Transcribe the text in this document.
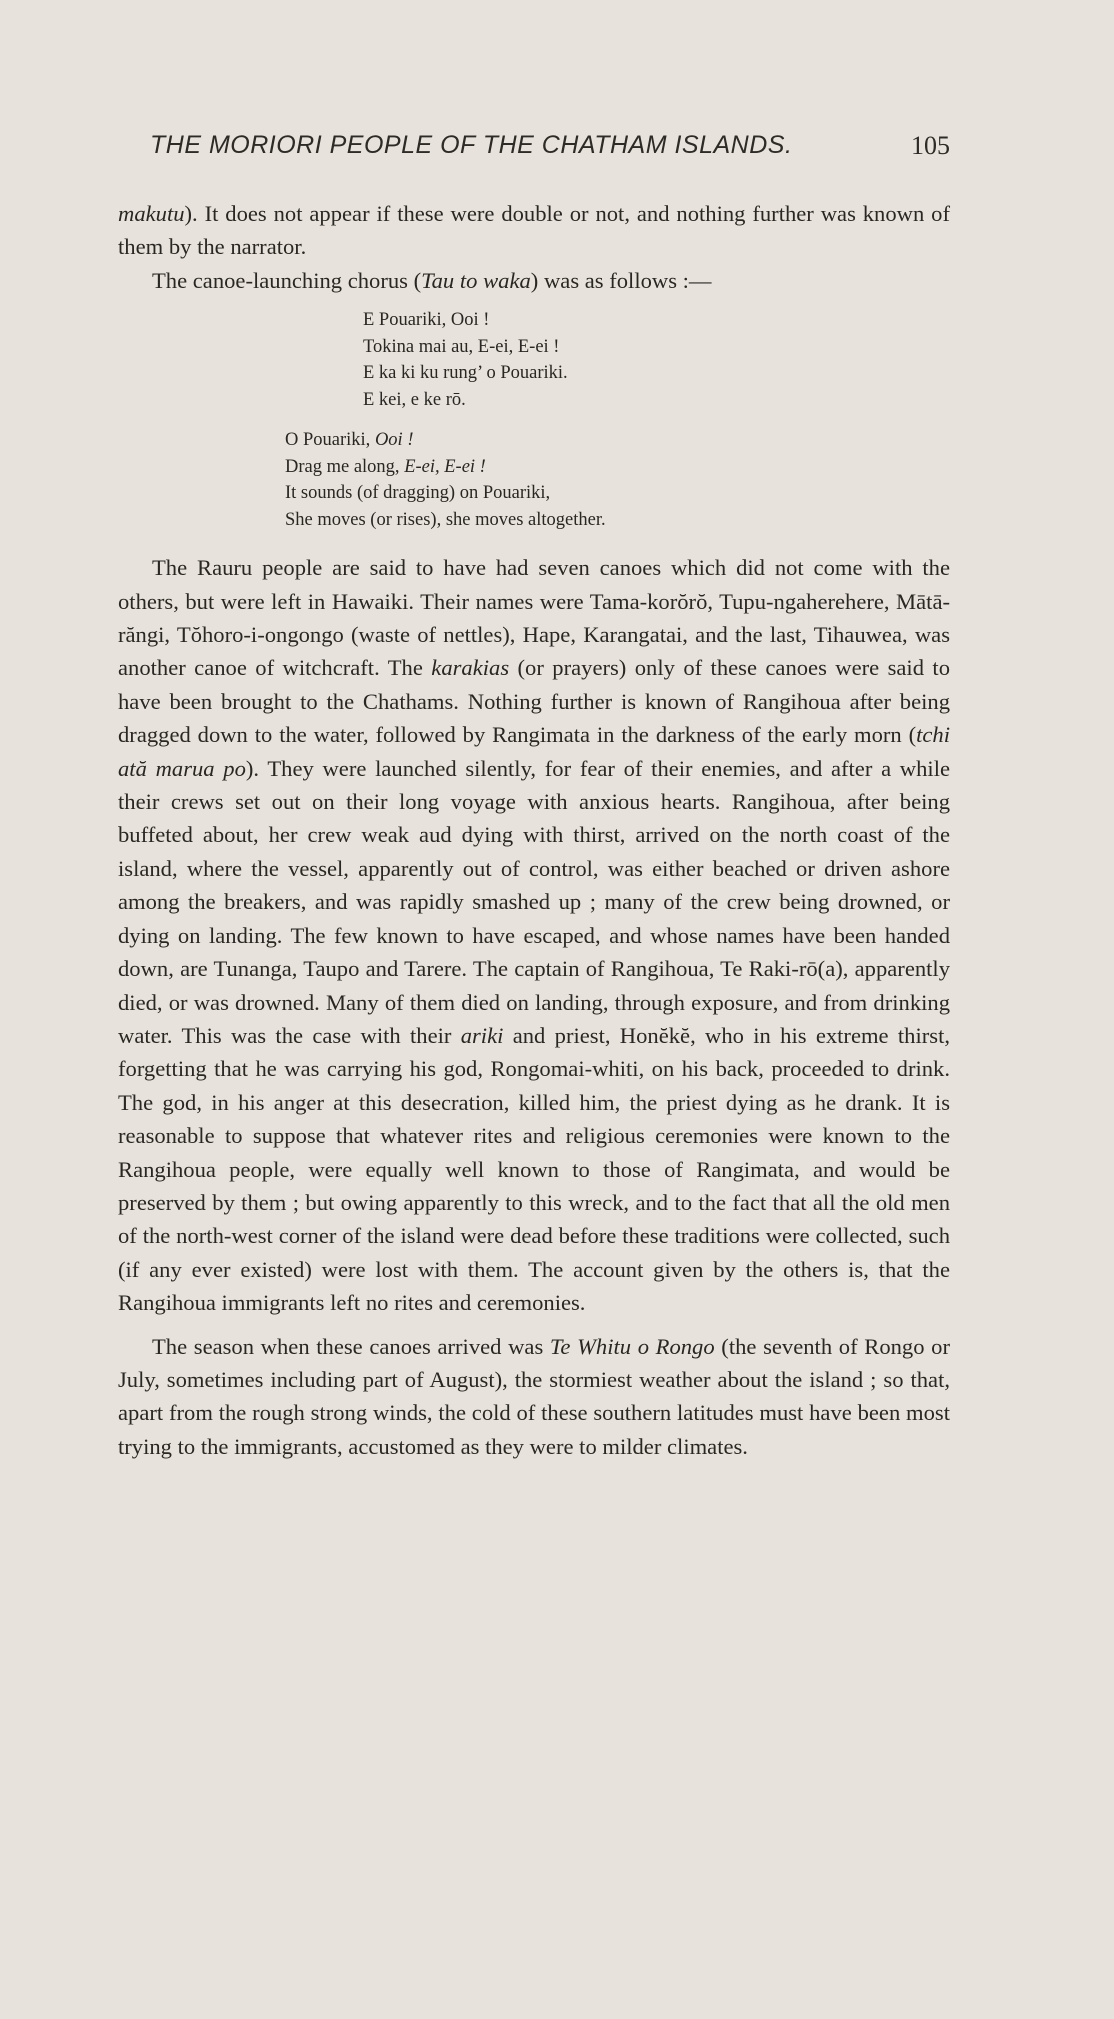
THE MORIORI PEOPLE OF THE CHATHAM ISLANDS.	105

makutu). It does not appear if these were double or not, and nothing further was known of them by the narrator.

The canoe-launching chorus (Tau to waka) was as follows :—

E Pouariki, Ooi !
Tokina mai au, E-ei, E-ei !
E ka ki ku rung’ o Pouariki.
E kei, e ke rō.
O Pouariki, Ooi !
Drag me along, E-ei, E-ei !
It sounds (of dragging) on Pouariki,
She moves (or rises), she moves altogether.

The Rauru people are said to have had seven canoes which did not come with the others, but were left in Hawaiki. Their names were Tama-korŏrŏ, Tupu-ngaherehere, Mātā-răngi, Tŏhoro-i-ongongo (waste of nettles), Hape, Karangatai, and the last, Tihauwea, was another canoe of witchcraft. The karakias (or prayers) only of these canoes were said to have been brought to the Chathams. Nothing further is known of Rangihoua after being dragged down to the water, followed by Rangimata in the darkness of the early morn (tchi ată marua po). They were launched silently, for fear of their enemies, and after a while their crews set out on their long voyage with anxious hearts. Rangihoua, after being buffeted about, her crew weak aud dying with thirst, arrived on the north coast of the island, where the vessel, apparently out of control, was either beached or driven ashore among the breakers, and was rapidly smashed up ; many of the crew being drowned, or dying on landing. The few known to have escaped, and whose names have been handed down, are Tunanga, Taupo and Tarere. The captain of Rangihoua, Te Raki-rō(a), apparently died, or was drowned. Many of them died on landing, through exposure, and from drinking water. This was the case with their ariki and priest, Honĕkĕ, who in his extreme thirst, forgetting that he was carrying his god, Rongomai-whiti, on his back, proceeded to drink. The god, in his anger at this desecration, killed him, the priest dying as he drank. It is reasonable to suppose that whatever rites and religious ceremonies were known to the Rangihoua people, were equally well known to those of Rangimata, and would be preserved by them ; but owing apparently to this wreck, and to the fact that all the old men of the north-west corner of the island were dead before these traditions were collected, such (if any ever existed) were lost with them. The account given by the others is, that the Rangihoua immigrants left no rites and ceremonies.

The season when these canoes arrived was Te Whitu o Rongo (the seventh of Rongo or July, sometimes including part of August), the stormiest weather about the island ; so that, apart from the rough strong winds, the cold of these southern latitudes must have been most trying to the immigrants, accustomed as they were to milder climates.
